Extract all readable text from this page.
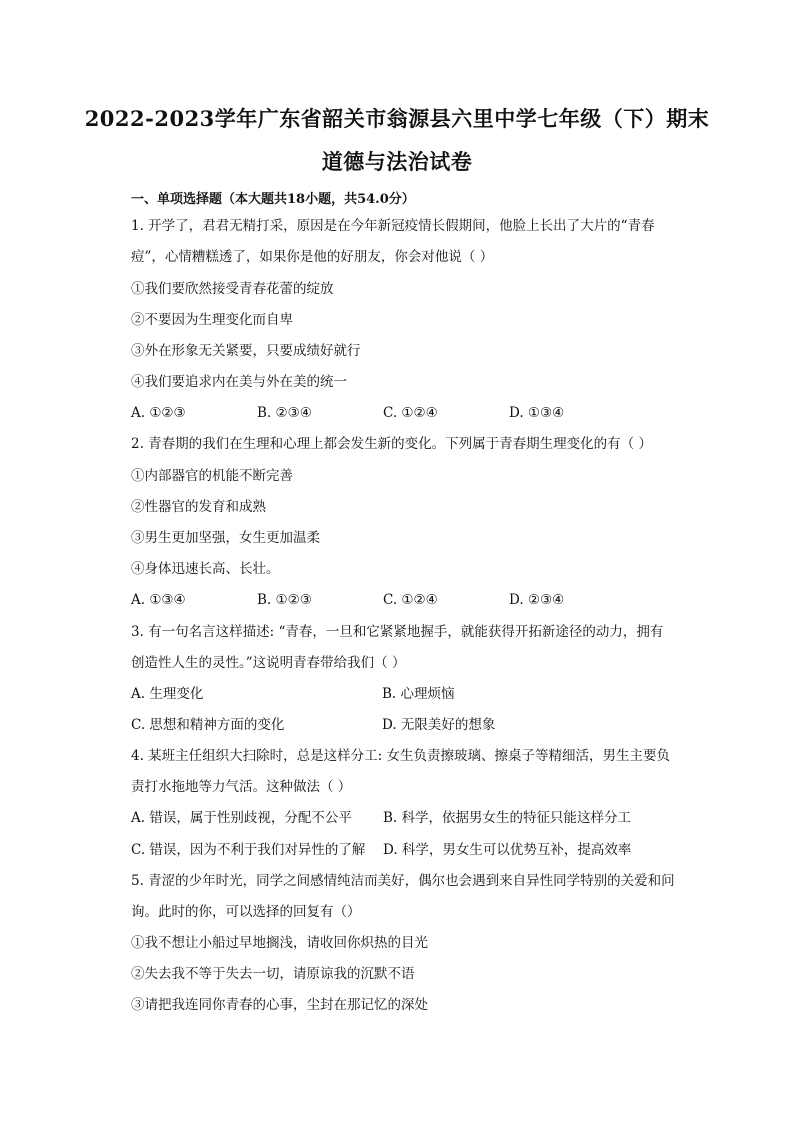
2022-2023学年广东省韶关市翁源县六里中学七年级（下）期末
道德与法治试卷
一、单项选择题（本大题共18小题，共54.0分）
1. 开学了，君君无精打采，原因是在今年新冠疫情长假期间，他脸上长出了大片的“青春
痘”，心情糟糕透了，如果你是他的好朋友，你会对他说（ ）
①我们要欣然接受青春花蕾的绽放
②不要因为生理变化而自卑
③外在形象无关紧要，只要成绩好就行
④我们要追求内在美与外在美的统一
A. ①②③	B. ②③④	C. ①②④	D. ①③④
2. 青春期的我们在生理和心理上都会发生新的变化。下列属于青春期生理变化的有（ ）
①内部器官的机能不断完善
②性器官的发育和成熟
③男生更加坚强，女生更加温柔
④身体迅速长高、长壮。
A. ①③④	B. ①②③	C. ①②④	D. ②③④
3. 有一句名言这样描述: “青春，一旦和它紧紧地握手，就能获得开拓新途径的动力，拥有
创造性人生的灵性。”这说明青春带给我们（ ）
A. 生理变化	B. 心理烦恼
C. 思想和精神方面的变化	D. 无限美好的想象
4. 某班主任组织大扫除时，总是这样分工: 女生负责擦玻璃、擦桌子等精细活，男生主要负
责打水拖地等力气活。这种做法（ ）
A. 错误，属于性别歧视，分配不公平 B. 科学，依据男女生的特征只能这样分工
C. 错误，因为不利于我们对异性的了解 D. 科学，男女生可以优势互补，提高效率
5. 青涩的少年时光，同学之间感情纯洁而美好，偶尔也会遇到来自异性同学特别的关爱和问
询。此时的你，可以选择的回复有（）
①我不想让小船过早地搁浅，请收回你炽热的目光
②失去我不等于失去一切，请原谅我的沉默不语
③请把我连同你青春的心事，尘封在那记忆的深处
